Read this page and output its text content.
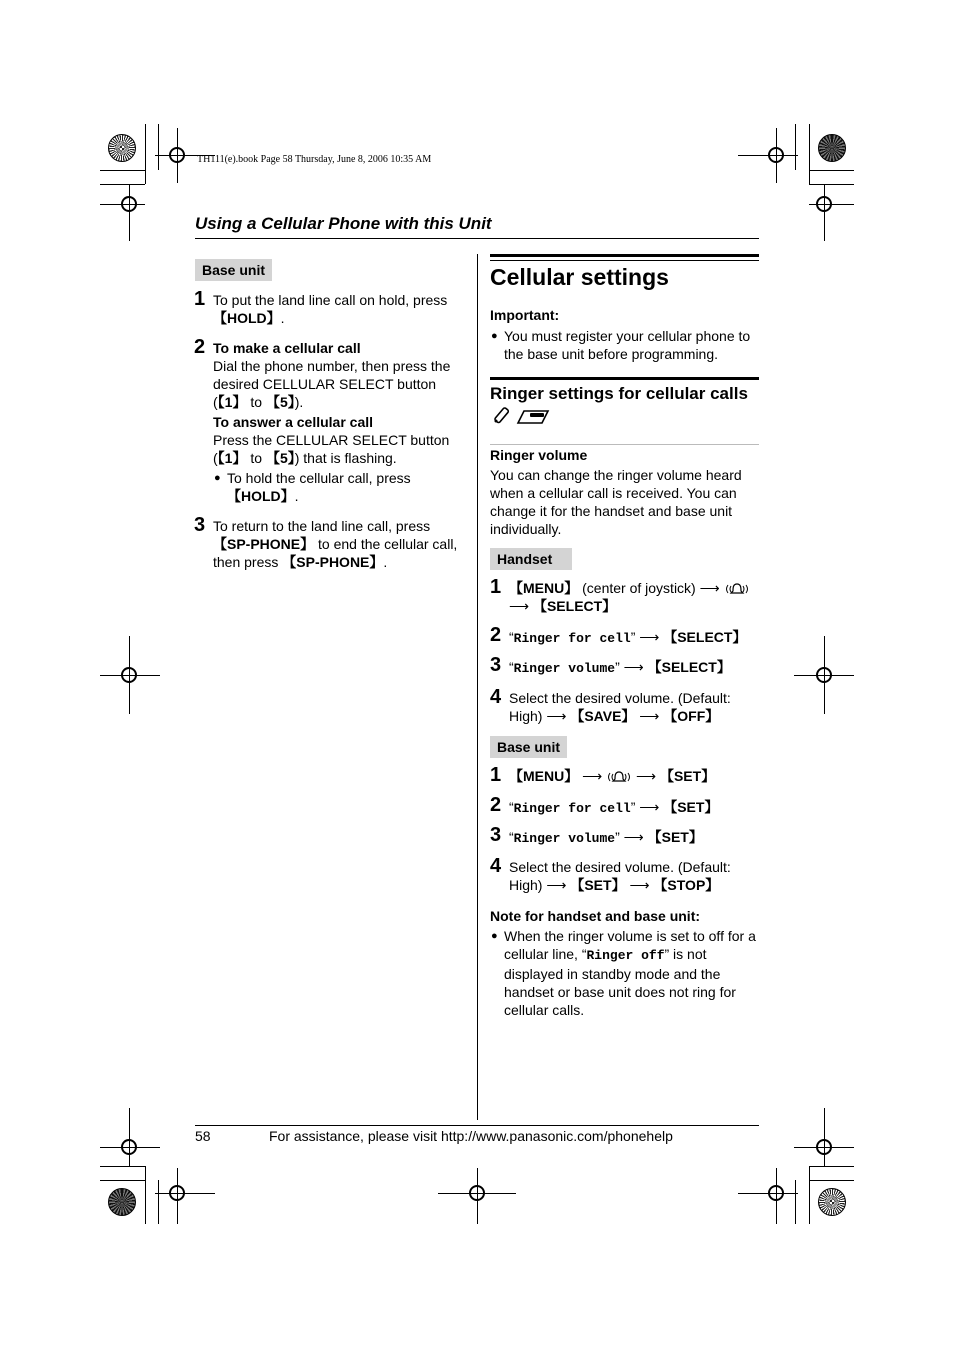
TH111(e).book Page 58 Thursday, June 8, 2006 10:35 AM
Using a Cellular Phone with this Unit
Base unit
1 To put the land line call on hold, press
【HOLD】.
2 To make a cellular call
Dial the phone number, then press the
desired CELLULAR SELECT button
(【1】 to 【5】).
To answer a cellular call
Press the CELLULAR SELECT button
(【1】 to 【5】) that is flashing.
● To hold the cellular call, press
【HOLD】.
3 To return to the land line call, press
【SP-PHONE】 to end the cellular call,
then press 【SP-PHONE】.
Cellular settings
Important:
● You must register your cellular phone to
the base unit before programming.
Ringer settings for cellular calls

Ringer volume
You can change the ringer volume heard
when a cellular call is received. You can
change it for the handset and base unit
individually.
Handset
1 【MENU】 (center of joystick) ⟶
⟶ 【SELECT】
2 “Ringer for cell” ⟶ 【SELECT】
3 “Ringer volume” ⟶ 【SELECT】
4 Select the desired volume. (Default:
High) ⟶ 【SAVE】 ⟶ 【OFF】
Base unit
1 【MENU】 ⟶  ⟶ 【SET】
2 “Ringer for cell” ⟶ 【SET】
3 “Ringer volume” ⟶ 【SET】
4 Select the desired volume. (Default:
High) ⟶ 【SET】 ⟶ 【STOP】
Note for handset and base unit:
● When the ringer volume is set to off for a
cellular line, “Ringer off” is not
displayed in standby mode and the
handset or base unit does not ring for
cellular calls.
58	For assistance, please visit http://www.panasonic.com/phonehelp
